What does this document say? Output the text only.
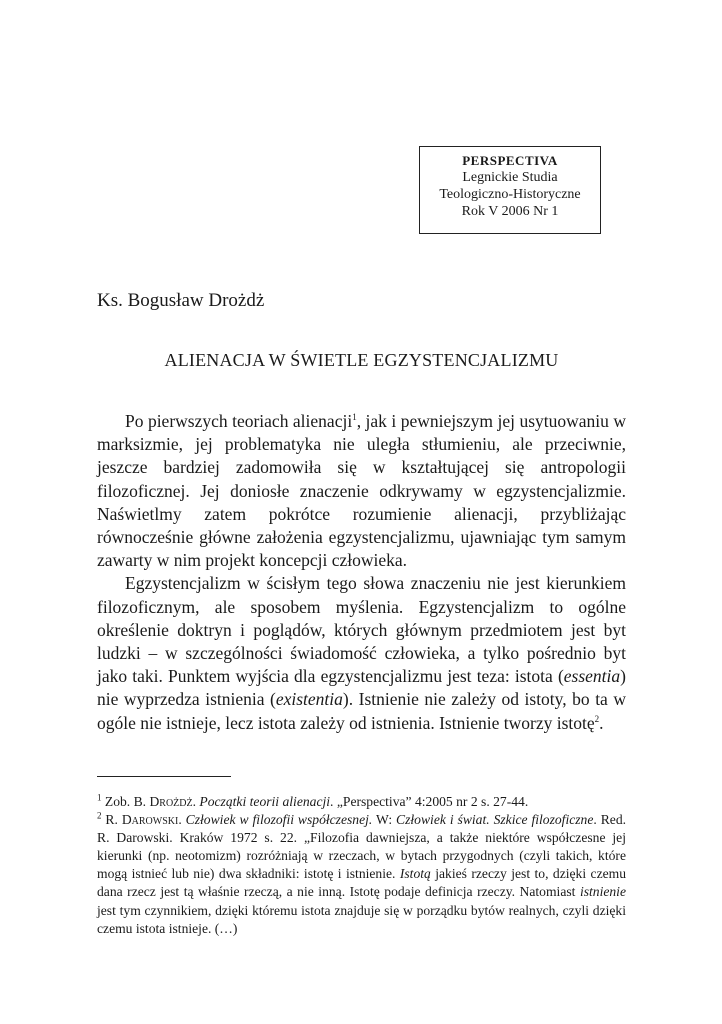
PERSPECTIVA
Legnickie Studia
Teologiczno-Historyczne
Rok V 2006 Nr 1
Ks. Bogusław Drożdż
ALIENACJA W ŚWIETLE EGZYSTENCJALIZMU

Po pierwszych teoriach alienacji$^1$, jak i pewniejszym jej usytuowaniu w marksizmie, jej problematyka nie uległa stłumieniu, ale przeciwnie, jeszcze bardziej zadomowiła się w kształtującej się antropologii filozoficznej. Jej doniosłe znaczenie odkrywamy w egzystencjalizmie. Naświetlmy zatem pokrótce rozumienie alienacji, przybliżając równocześnie główne założenia egzystencjalizmu, ujawniając tym samym zawarty w nim projekt koncepcji człowieka.

Egzystencjalizm w ścisłym tego słowa znaczeniu nie jest kierunkiem filozoficznym, ale sposobem myślenia. Egzystencjalizm to ogólne określenie doktryn i poglądów, których głównym przedmiotem jest byt ludzki – w szczególności świadomość człowieka, a tylko pośrednio byt jako taki. Punktem wyjścia dla egzystencjalizmu jest teza: istota (essentia) nie wyprzedza istnienia (existentia). Istnienie nie zależy od istoty, bo ta w ogóle nie istnieje, lecz istota zależy od istnienia. Istnienie tworzy istotę$^2$.

$^1$ Zob. B. Drożdż. Początki teorii alienacji. „Perspectiva” 4:2005 nr 2 s. 27-44.

$^2$ R. Darowski. Człowiek w filozofii współczesnej. W: Człowiek i świat. Szkice filozoficzne. Red. R. Darowski. Kraków 1972 s. 22. „Filozofia dawniejsza, a także niektóre współczesne jej kierunki (np. neotomizm) rozróżniają w rzeczach, w bytach przygodnych (czyli takich, które mogą istnieć lub nie) dwa składniki: istotę i istnienie. Istotą jakieś rzeczy jest to, dzięki czemu dana rzecz jest tą właśnie rzeczą, a nie inną. Istotę podaje definicja rzeczy. Natomiast istnienie jest tym czynnikiem, dzięki któremu istota znajduje się w porządku bytów realnych, czyli dzięki czemu istota istnieje. (…)
